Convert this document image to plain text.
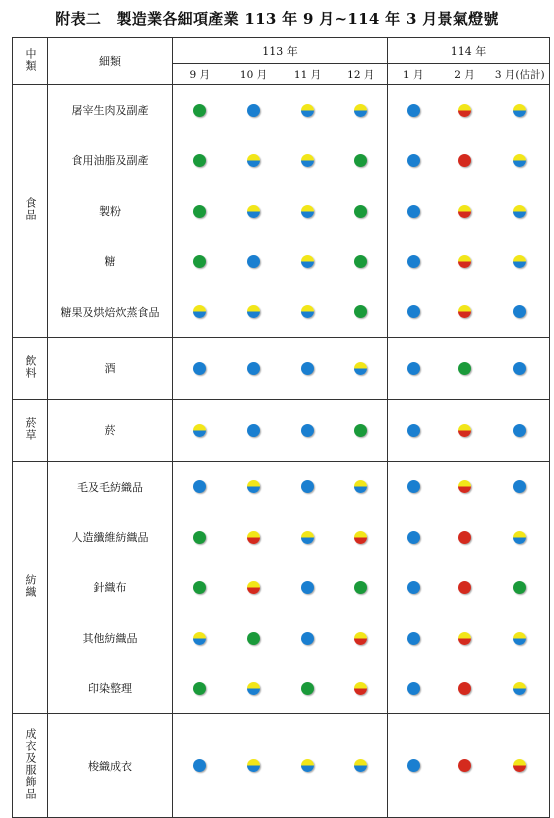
附表二　製造業各細項產業 113 年 9 月~114 年 3 月景氣燈號
中類	細類	113 年				114 年		
		9 月	10 月	11 月	12 月	1 月	2 月	3 月(估計)
食品	屠宰生肉及副產							
	食用油脂及副產							
	製粉							
	糖							
	糖果及烘焙炊蒸食品							
飲料	酒							
菸草	菸							
紡織	毛及毛紡織品							
	人造纖維紡織品							
	針織布							
	其他紡織品							
	印染整理							
成衣及服飾品	梭織成衣							
